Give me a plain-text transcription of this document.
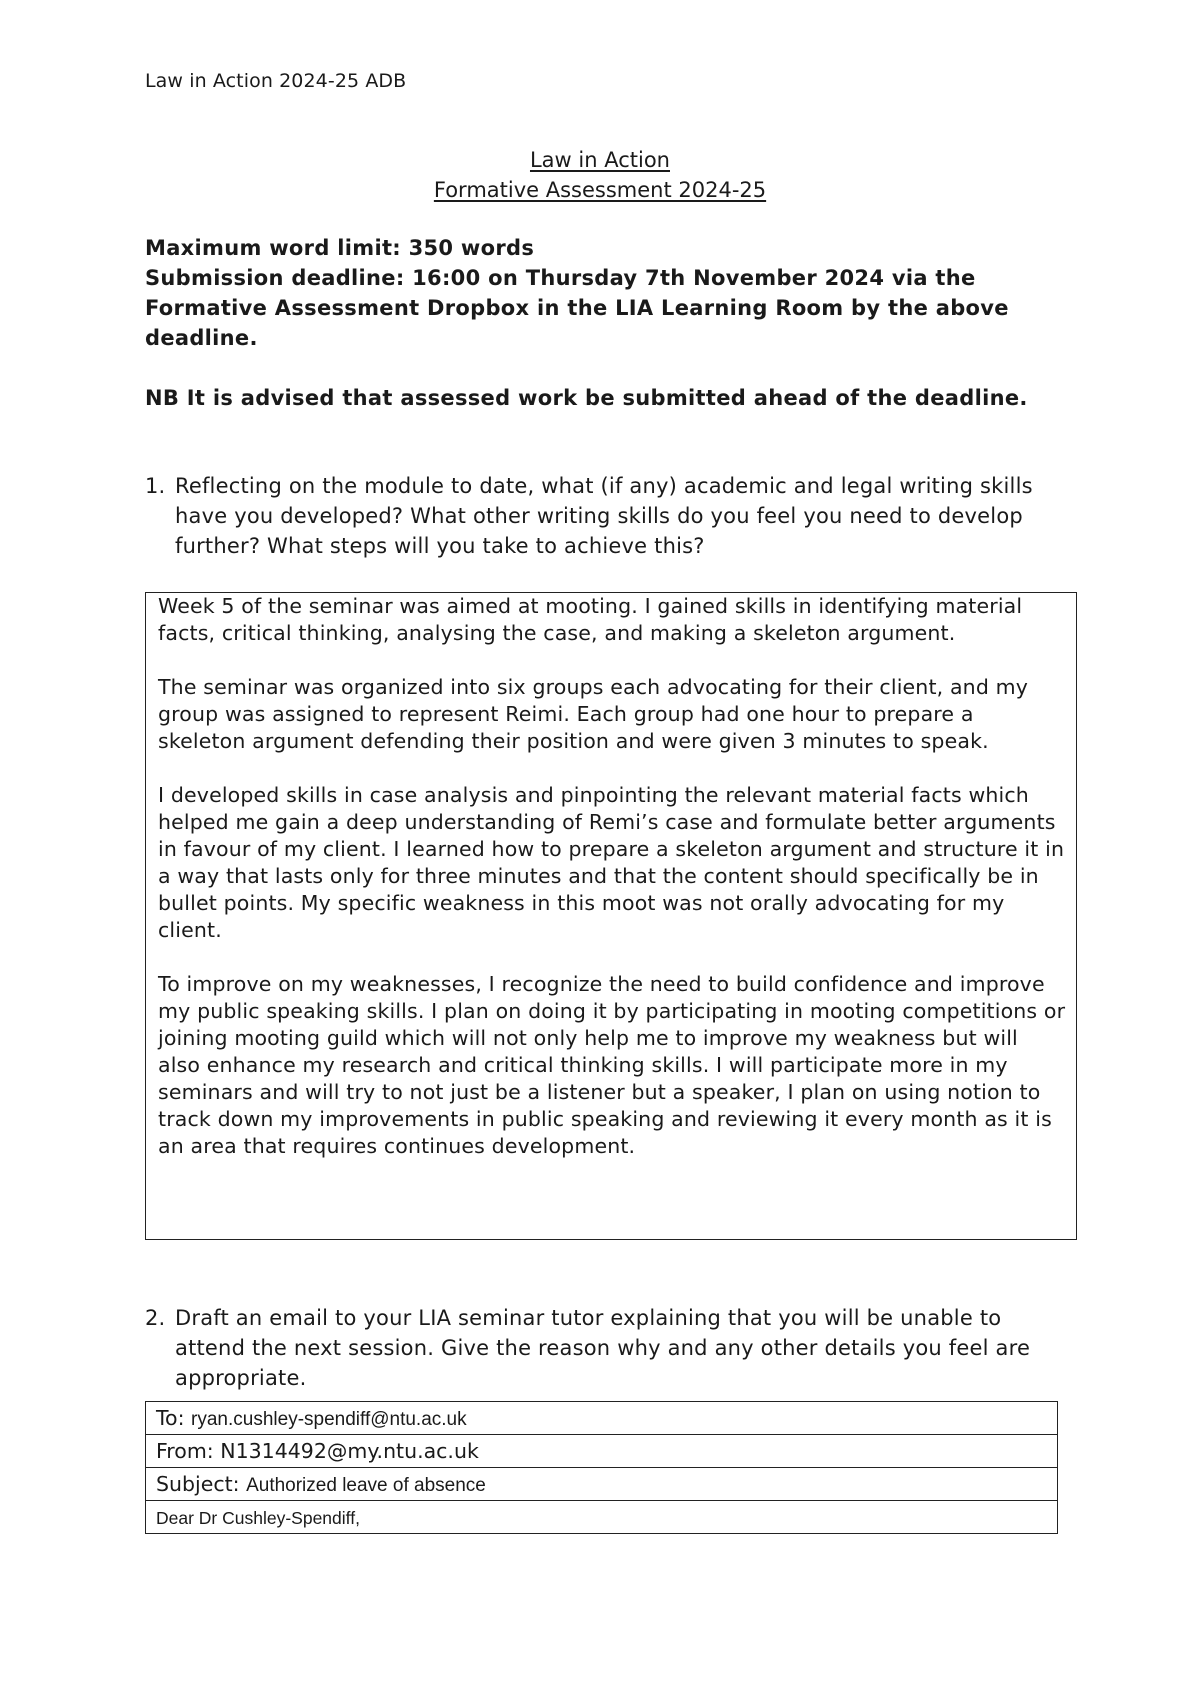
Law in Action 2024-25 ADB
Law in Action
Formative Assessment 2024-25

Maximum word limit: 350 words

Submission deadline: 16:00 on Thursday 7th November 2024 via the Formative Assessment Dropbox in the LIA Learning Room by the above deadline.

NB It is advised that assessed work be submitted ahead of the deadline.

1. Reflecting on the module to date, what (if any) academic and legal writing skills have you developed? What other writing skills do you feel you need to develop further? What steps will you take to achieve this?

Week 5 of the seminar was aimed at mooting. I gained skills in identifying material facts, critical thinking, analysing the case, and making a skeleton argument.

The seminar was organized into six groups each advocating for their client, and my group was assigned to represent Reimi. Each group had one hour to prepare a skeleton argument defending their position and were given 3 minutes to speak.

I developed skills in case analysis and pinpointing the relevant material facts which helped me gain a deep understanding of Remi’s case and formulate better arguments in favour of my client. I learned how to prepare a skeleton argument and structure it in a way that lasts only for three minutes and that the content should specifically be in bullet points. My specific weakness in this moot was not orally advocating for my client.

To improve on my weaknesses, I recognize the need to build confidence and improve my public speaking skills. I plan on doing it by participating in mooting competitions or joining mooting guild which will not only help me to improve my weakness but will also enhance my research and critical thinking skills. I will participate more in my seminars and will try to not just be a listener but a speaker, I plan on using notion to track down my improvements in public speaking and reviewing it every month as it is an area that requires continues development.

2. Draft an email to your LIA seminar tutor explaining that you will be unable to attend the next session. Give the reason why and any other details you feel are appropriate.
To: ryan.cushley-spendiff@ntu.ac.uk
From: N1314492@my.ntu.ac.uk
Subject: Authorized leave of absence
Dear Dr Cushley-Spendiff,
